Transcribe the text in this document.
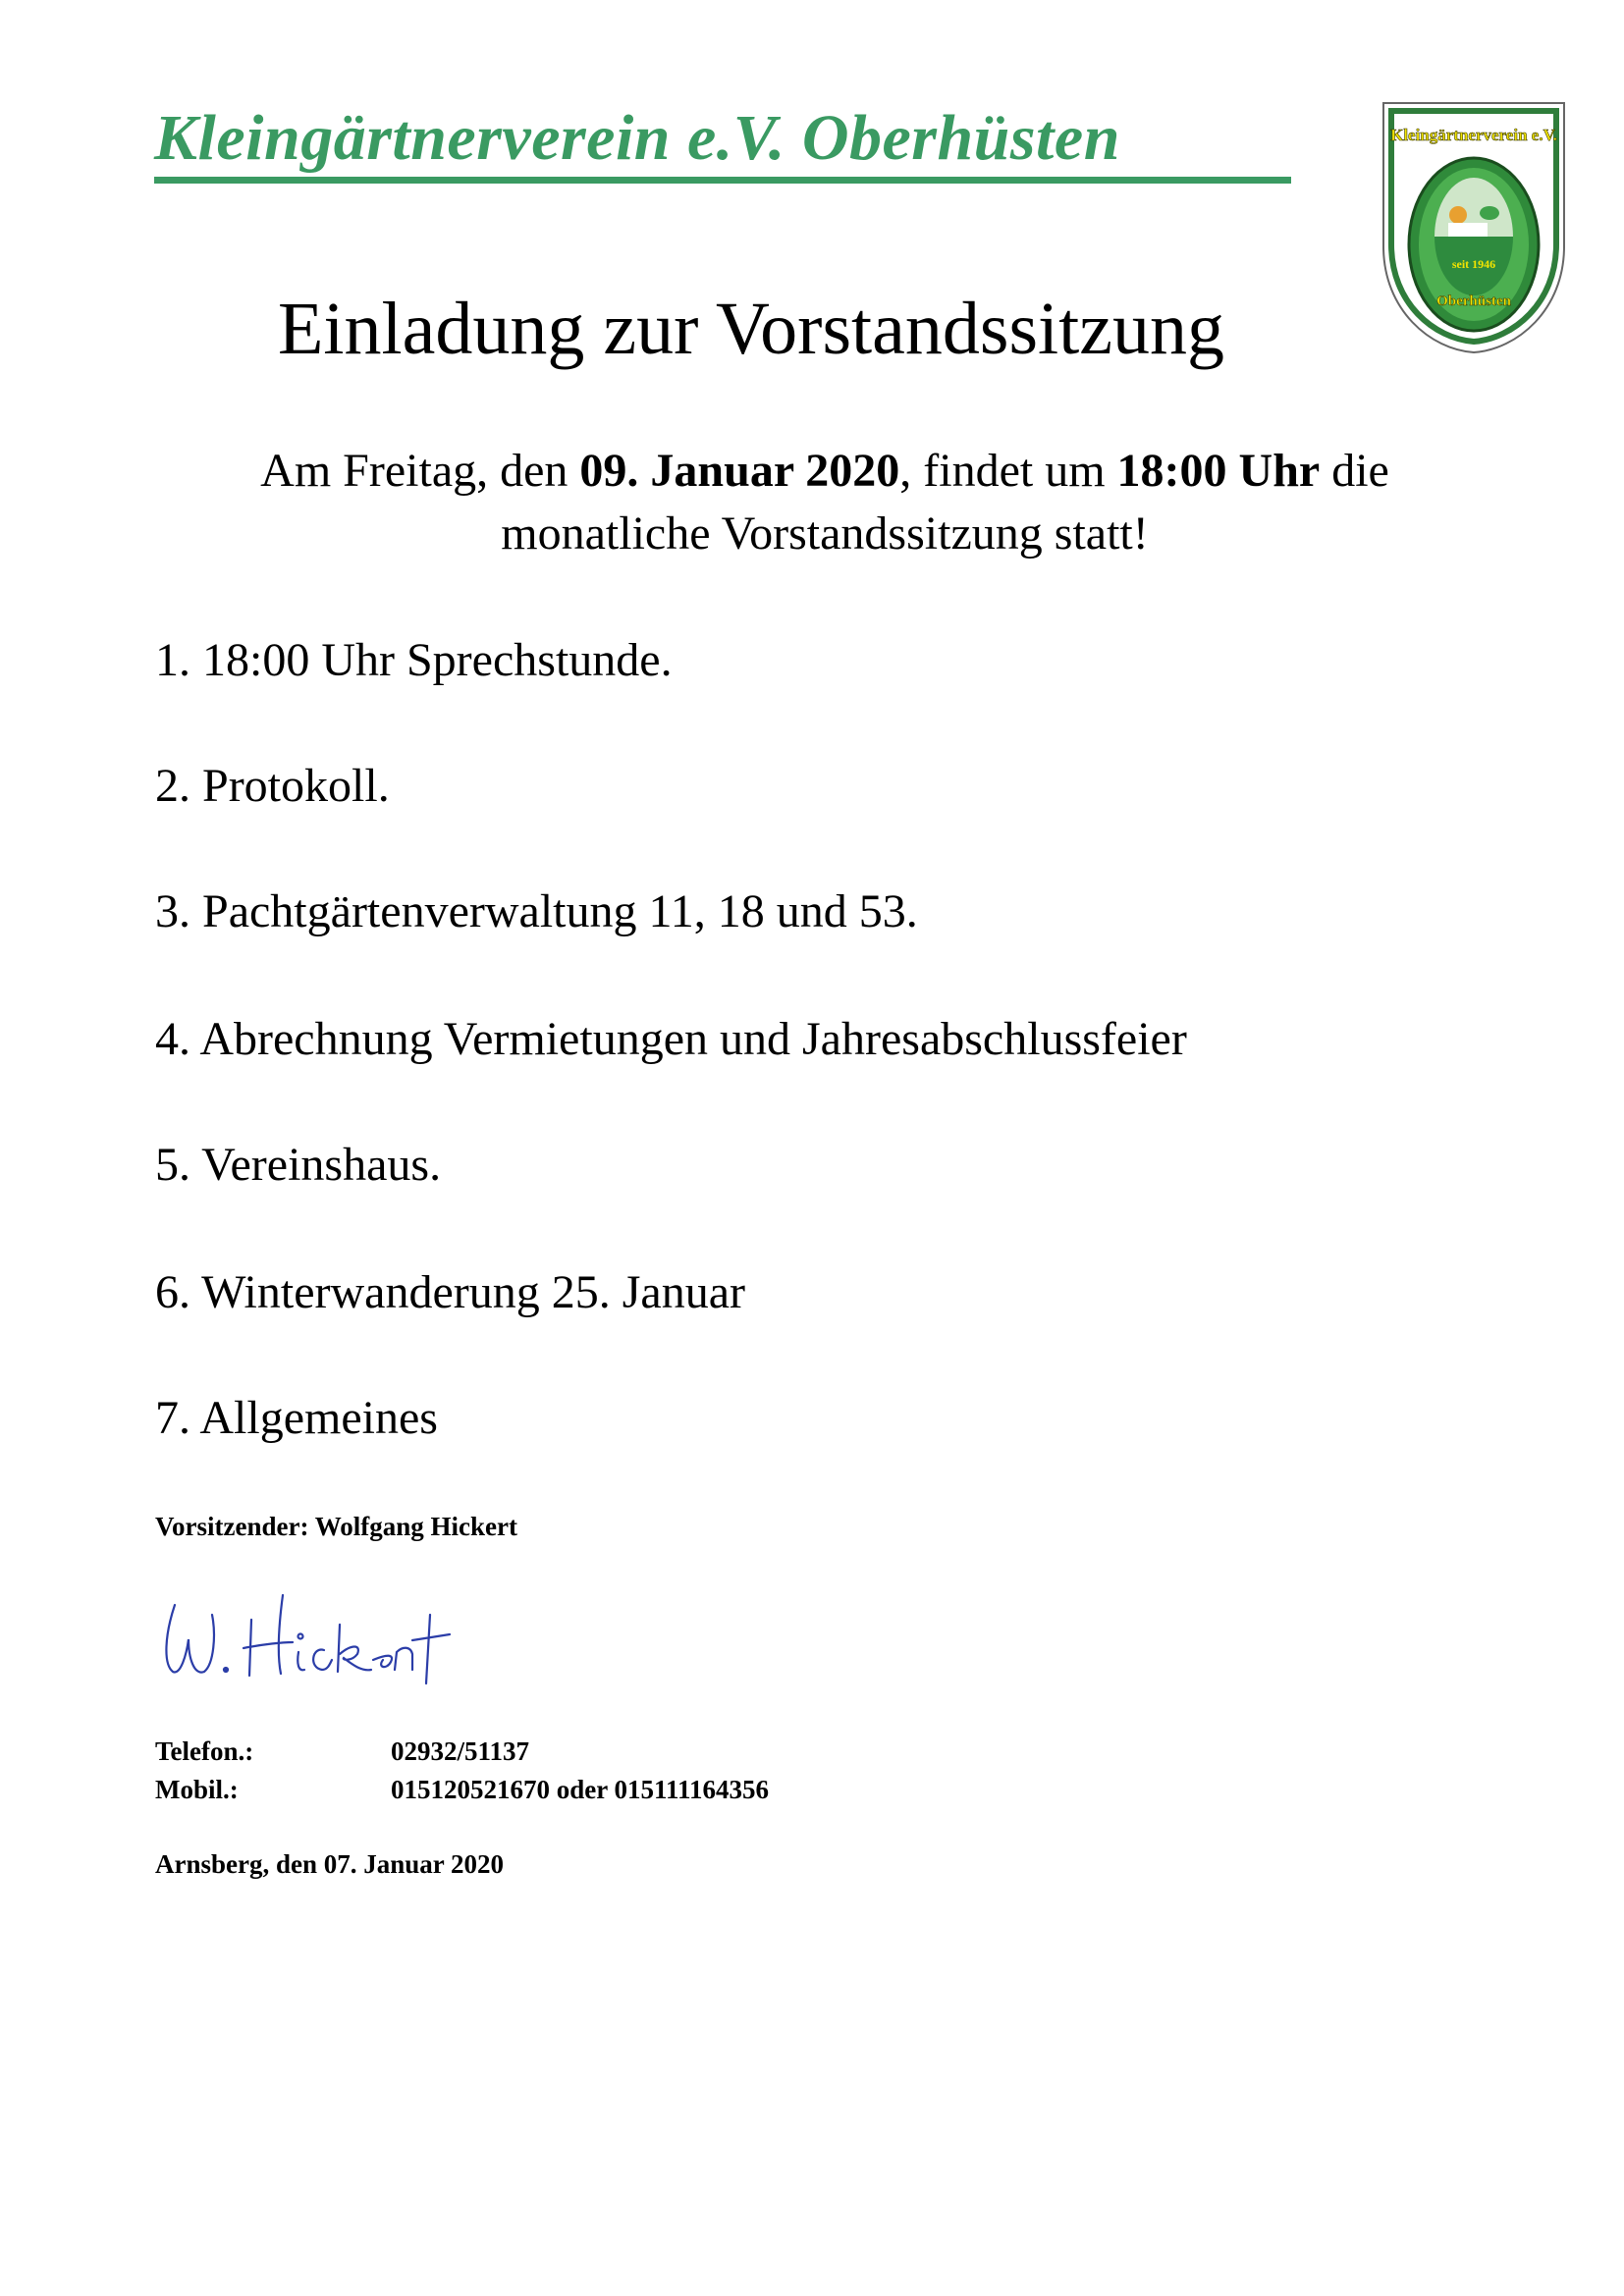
Kleingärtnerverein e.V. Oberhüsten	Kleingärtnerverein e.V.
seit 1946
Oberhüsten
Einladung zur Vorstandssitzung
Am Freitag, den 09. Januar 2020, findet um 18:00 Uhr die
monatliche Vorstandssitzung statt!
1. 18:00 Uhr Sprechstunde.
2. Protokoll.
3. Pachtgärtenverwaltung 11, 18 und 53.
4. Abrechnung Vermietungen und Jahresabschlussfeier
5. Vereinshaus.
6. Winterwanderung 25. Januar
7. Allgemeines
Vorsitzender: Wolfgang Hickert
Telefon.:	02932/51137
Mobil.:	015120521670 oder 015111164356
Arnsberg, den 07. Januar 2020
